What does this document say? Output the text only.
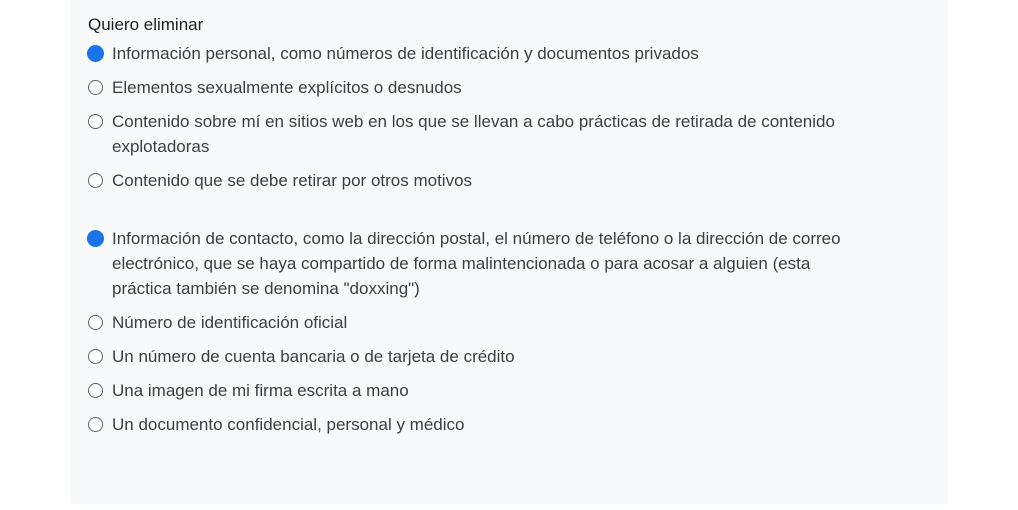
Quiero eliminar
Información personal, como números de identificación y documentos privados
Elementos sexualmente explícitos o desnudos
Contenido sobre mí en sitios web en los que se llevan a cabo prácticas de retirada de contenido explotadoras
Contenido que se debe retirar por otros motivos
Información de contacto, como la dirección postal, el número de teléfono o la dirección de correo electrónico, que se haya compartido de forma malintencionada o para acosar a alguien (esta práctica también se denomina "doxxing")
Número de identificación oficial
Un número de cuenta bancaria o de tarjeta de crédito
Una imagen de mi firma escrita a mano
Un documento confidencial, personal y médico
